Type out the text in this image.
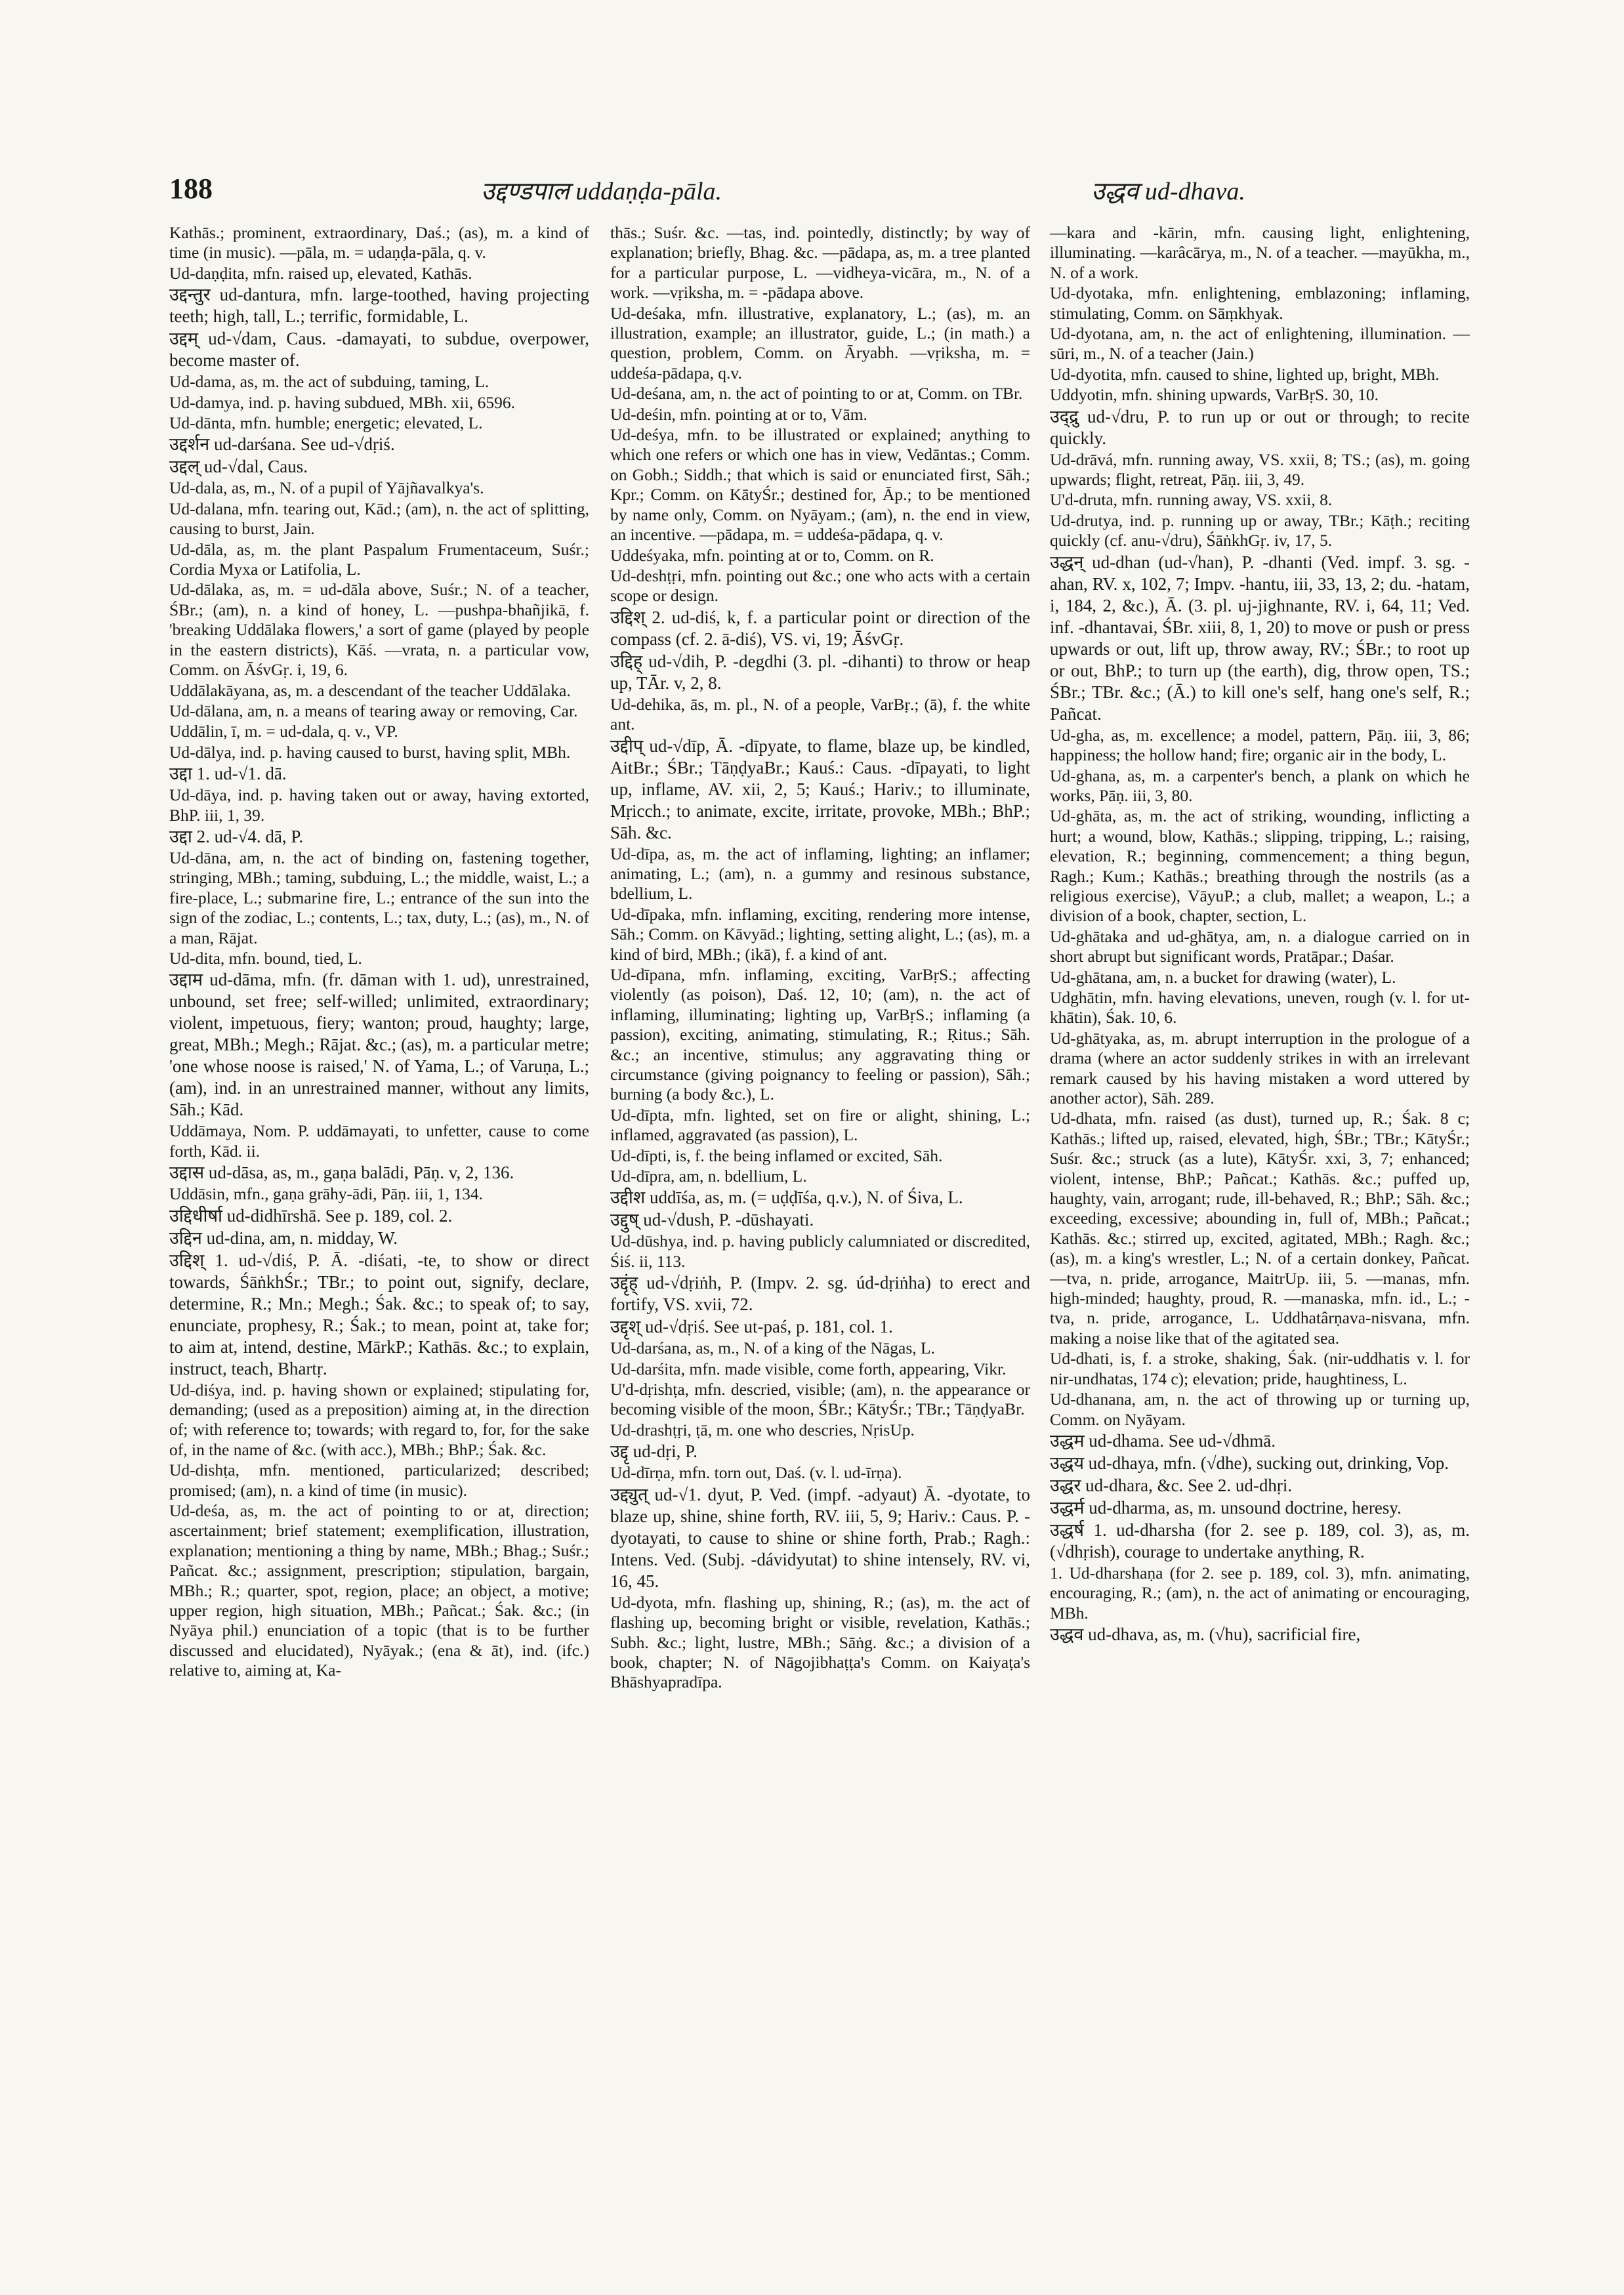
188	उद्दण्डपाल uddaṇḍa-pāla.	उद्धव ud-dhava.

Kathās.; prominent, extraordinary, Daś.; (as), m. a kind of time (in music). —pāla, m. = udaṇḍa-pāla, q. v.

Ud-daṇḍita, mfn. raised up, elevated, Kathās.

उद्दन्तुर ud-dantura, mfn. large-toothed, having projecting teeth; high, tall, L.; terrific, formidable, L.

उद्दम् ud-√dam, Caus. -damayati, to subdue, overpower, become master of.

Ud-dama, as, m. the act of subduing, taming, L.

Ud-damya, ind. p. having subdued, MBh. xii, 6596.

Ud-dānta, mfn. humble; energetic; elevated, L.

उद्दर्शन ud-darśana. See ud-√dṛiś.

उद्दल् ud-√dal, Caus.

Ud-dala, as, m., N. of a pupil of Yājñavalkya's.

Ud-dalana, mfn. tearing out, Kād.; (am), n. the act of splitting, causing to burst, Jain.

Ud-dāla, as, m. the plant Paspalum Frumentaceum, Suśr.; Cordia Myxa or Latifolia, L.

Ud-dālaka, as, m. = ud-dāla above, Suśr.; N. of a teacher, ŚBr.; (am), n. a kind of honey, L. —pushpa-bhañjikā, f. 'breaking Uddālaka flowers,' a sort of game (played by people in the eastern districts), Kāś. —vrata, n. a particular vow, Comm. on ĀśvGṛ. i, 19, 6.

Uddālakāyana, as, m. a descendant of the teacher Uddālaka.

Ud-dālana, am, n. a means of tearing away or removing, Car.

Uddālin, ī, m. = ud-dala, q. v., VP.

Ud-dālya, ind. p. having caused to burst, having split, MBh.

उद्दा 1. ud-√1. dā.

Ud-dāya, ind. p. having taken out or away, having extorted, BhP. iii, 1, 39.

उद्दा 2. ud-√4. dā, P.

Ud-dāna, am, n. the act of binding on, fastening together, stringing, MBh.; taming, subduing, L.; the middle, waist, L.; a fire-place, L.; submarine fire, L.; entrance of the sun into the sign of the zodiac, L.; contents, L.; tax, duty, L.; (as), m., N. of a man, Rājat.

Ud-dita, mfn. bound, tied, L.

उद्दाम ud-dāma, mfn. (fr. dāman with 1. ud), unrestrained, unbound, set free; self-willed; unlimited, extraordinary; violent, impetuous, fiery; wanton; proud, haughty; large, great, MBh.; Megh.; Rājat. &c.; (as), m. a particular metre; 'one whose noose is raised,' N. of Yama, L.; of Varuṇa, L.; (am), ind. in an unrestrained manner, without any limits, Sāh.; Kād.

Uddāmaya, Nom. P. uddāmayati, to unfetter, cause to come forth, Kād. ii.

उद्दास ud-dāsa, as, m., gaṇa balādi, Pāṇ. v, 2, 136.

Uddāsin, mfn., gaṇa grāhy-ādi, Pāṇ. iii, 1, 134.

उद्दिधीर्षा ud-didhīrshā. See p. 189, col. 2.

उद्दिन ud-dina, am, n. midday, W.

उद्दिश् 1. ud-√diś, P. Ā. -diśati, -te, to show or direct towards, ŚāṅkhŚr.; TBr.; to point out, signify, declare, determine, R.; Mn.; Megh.; Śak. &c.; to speak of; to say, enunciate, prophesy, R.; Śak.; to mean, point at, take for; to aim at, intend, destine, MārkP.; Kathās. &c.; to explain, instruct, teach, Bhartṛ.

Ud-diśya, ind. p. having shown or explained; stipulating for, demanding; (used as a preposition) aiming at, in the direction of; with reference to; towards; with regard to, for, for the sake of, in the name of &c. (with acc.), MBh.; BhP.; Śak. &c.

Ud-dishṭa, mfn. mentioned, particularized; described; promised; (am), n. a kind of time (in music).

Ud-deśa, as, m. the act of pointing to or at, direction; ascertainment; brief statement; exemplification, illustration, explanation; mentioning a thing by name, MBh.; Bhag.; Suśr.; Pañcat. &c.; assignment, prescription; stipulation, bargain, MBh.; R.; quarter, spot, region, place; an object, a motive; upper region, high situation, MBh.; Pañcat.; Śak. &c.; (in Nyāya phil.) enunciation of a topic (that is to be further discussed and elucidated), Nyāyak.; (ena & āt), ind. (ifc.) relative to, aiming at, Ka-

thās.; Suśr. &c. —tas, ind. pointedly, distinctly; by way of explanation; briefly, Bhag. &c. —pādapa, as, m. a tree planted for a particular purpose, L. —vidheya-vicāra, m., N. of a work. —vṛiksha, m. = -pādapa above.

Ud-deśaka, mfn. illustrative, explanatory, L.; (as), m. an illustration, example; an illustrator, guide, L.; (in math.) a question, problem, Comm. on Āryabh. —vṛiksha, m. = uddeśa-pādapa, q.v.

Ud-deśana, am, n. the act of pointing to or at, Comm. on TBr.

Ud-deśin, mfn. pointing at or to, Vām.

Ud-deśya, mfn. to be illustrated or explained; anything to which one refers or which one has in view, Vedāntas.; Comm. on Gobh.; Siddh.; that which is said or enunciated first, Sāh.; Kpr.; Comm. on KātyŚr.; destined for, Āp.; to be mentioned by name only, Comm. on Nyāyam.; (am), n. the end in view, an incentive. —pādapa, m. = uddeśa-pādapa, q. v.

Uddeśyaka, mfn. pointing at or to, Comm. on R.

Ud-deshṭṛi, mfn. pointing out &c.; one who acts with a certain scope or design.

उद्दिश् 2. ud-diś, k, f. a particular point or direction of the compass (cf. 2. ā-diś), VS. vi, 19; ĀśvGṛ.

उद्दिह् ud-√dih, P. -degdhi (3. pl. -dihanti) to throw or heap up, TĀr. v, 2, 8.

Ud-dehika, ās, m. pl., N. of a people, VarBṛ.; (ā), f. the white ant.

उद्दीप् ud-√dīp, Ā. -dīpyate, to flame, blaze up, be kindled, AitBr.; ŚBr.; TāṇḍyaBr.; Kauś.: Caus. -dīpayati, to light up, inflame, AV. xii, 2, 5; Kauś.; Hariv.; to illuminate, Mṛicch.; to animate, excite, irritate, provoke, MBh.; BhP.; Sāh. &c.

Ud-dīpa, as, m. the act of inflaming, lighting; an inflamer; animating, L.; (am), n. a gummy and resinous substance, bdellium, L.

Ud-dīpaka, mfn. inflaming, exciting, rendering more intense, Sāh.; Comm. on Kāvyād.; lighting, setting alight, L.; (as), m. a kind of bird, MBh.; (ikā), f. a kind of ant.

Ud-dīpana, mfn. inflaming, exciting, VarBṛS.; affecting violently (as poison), Daś. 12, 10; (am), n. the act of inflaming, illuminating; lighting up, VarBṛS.; inflaming (a passion), exciting, animating, stimulating, R.; Ṛitus.; Sāh. &c.; an incentive, stimulus; any aggravating thing or circumstance (giving poignancy to feeling or passion), Sāh.; burning (a body &c.), L.

Ud-dīpta, mfn. lighted, set on fire or alight, shining, L.; inflamed, aggravated (as passion), L.

Ud-dīpti, is, f. the being inflamed or excited, Sāh.

Ud-dīpra, am, n. bdellium, L.

उद्दीश uddīśa, as, m. (= uḍḍīśa, q.v.), N. of Śiva, L.

उद्दुष् ud-√dush, P. -dūshayati.

Ud-dūshya, ind. p. having publicly calumniated or discredited, Śiś. ii, 113.

उद्दृंह् ud-√dṛiṅh, P. (Impv. 2. sg. úd-dṛiṅha) to erect and fortify, VS. xvii, 72.

उद्दृश् ud-√dṛiś. See ut-paś, p. 181, col. 1.

Ud-darśana, as, m., N. of a king of the Nāgas, L.

Ud-darśita, mfn. made visible, come forth, appearing, Vikr.

U'd-dṛishṭa, mfn. descried, visible; (am), n. the appearance or becoming visible of the moon, ŚBr.; KātyŚr.; TBr.; TāṇḍyaBr.

Ud-drashṭṛi, ṭā, m. one who descries, NṛisUp.

उद्दृ ud-dṛi, P.

Ud-dīrṇa, mfn. torn out, Daś. (v. l. ud-īrṇa).

उद्द्युत् ud-√1. dyut, P. Ved. (impf. -adyaut) Ā. -dyotate, to blaze up, shine, shine forth, RV. iii, 5, 9; Hariv.: Caus. P. -dyotayati, to cause to shine or shine forth, Prab.; Ragh.: Intens. Ved. (Subj. -dávidyutat) to shine intensely, RV. vi, 16, 45.

Ud-dyota, mfn. flashing up, shining, R.; (as), m. the act of flashing up, becoming bright or visible, revelation, Kathās.; Subh. &c.; light, lustre, MBh.; Sāṅg. &c.; a division of a book, chapter; N. of Nāgojibhaṭṭa's Comm. on Kaiyaṭa's Bhāshyapradīpa.

—kara and -kārin, mfn. causing light, enlightening, illuminating. —karâcārya, m., N. of a teacher. —mayūkha, m., N. of a work.

Ud-dyotaka, mfn. enlightening, emblazoning; inflaming, stimulating, Comm. on Sāṃkhyak.

Ud-dyotana, am, n. the act of enlightening, illumination. —sūri, m., N. of a teacher (Jain.)

Ud-dyotita, mfn. caused to shine, lighted up, bright, MBh.

Uddyotin, mfn. shining upwards, VarBṛS. 30, 10.

उद्द्रु ud-√dru, P. to run up or out or through; to recite quickly.

Ud-drāvá, mfn. running away, VS. xxii, 8; TS.; (as), m. going upwards; flight, retreat, Pāṇ. iii, 3, 49.

U'd-druta, mfn. running away, VS. xxii, 8.

Ud-drutya, ind. p. running up or away, TBr.; Kāṭh.; reciting quickly (cf. anu-√dru), ŚāṅkhGṛ. iv, 17, 5.

उद्धन् ud-dhan (ud-√han), P. -dhanti (Ved. impf. 3. sg. -ahan, RV. x, 102, 7; Impv. -hantu, iii, 33, 13, 2; du. -hatam, i, 184, 2, &c.), Ā. (3. pl. uj-jighnante, RV. i, 64, 11; Ved. inf. -dhantavai, ŚBr. xiii, 8, 1, 20) to move or push or press upwards or out, lift up, throw away, RV.; ŚBr.; to root up or out, BhP.; to turn up (the earth), dig, throw open, TS.; ŚBr.; TBr. &c.; (Ā.) to kill one's self, hang one's self, R.; Pañcat.

Ud-gha, as, m. excellence; a model, pattern, Pāṇ. iii, 3, 86; happiness; the hollow hand; fire; organic air in the body, L.

Ud-ghana, as, m. a carpenter's bench, a plank on which he works, Pāṇ. iii, 3, 80.

Ud-ghāta, as, m. the act of striking, wounding, inflicting a hurt; a wound, blow, Kathās.; slipping, tripping, L.; raising, elevation, R.; beginning, commencement; a thing begun, Ragh.; Kum.; Kathās.; breathing through the nostrils (as a religious exercise), VāyuP.; a club, mallet; a weapon, L.; a division of a book, chapter, section, L.

Ud-ghātaka and ud-ghātya, am, n. a dialogue carried on in short abrupt but significant words, Pratāpar.; Daśar.

Ud-ghātana, am, n. a bucket for drawing (water), L.

Udghātin, mfn. having elevations, uneven, rough (v. l. for ut-khātin), Śak. 10, 6.

Ud-ghātyaka, as, m. abrupt interruption in the prologue of a drama (where an actor suddenly strikes in with an irrelevant remark caused by his having mistaken a word uttered by another actor), Sāh. 289.

Ud-dhata, mfn. raised (as dust), turned up, R.; Śak. 8 c; Kathās.; lifted up, raised, elevated, high, ŚBr.; TBr.; KātyŚr.; Suśr. &c.; struck (as a lute), KātyŚr. xxi, 3, 7; enhanced; violent, intense, BhP.; Pañcat.; Kathās. &c.; puffed up, haughty, vain, arrogant; rude, ill-behaved, R.; BhP.; Sāh. &c.; exceeding, excessive; abounding in, full of, MBh.; Pañcat.; Kathās. &c.; stirred up, excited, agitated, MBh.; Ragh. &c.; (as), m. a king's wrestler, L.; N. of a certain donkey, Pañcat. —tva, n. pride, arrogance, MaitrUp. iii, 5. —manas, mfn. high-minded; haughty, proud, R. —manaska, mfn. id., L.; -tva, n. pride, arrogance, L. Uddhatârṇava-nisvana, mfn. making a noise like that of the agitated sea.

Ud-dhati, is, f. a stroke, shaking, Śak. (nir-uddhatis v. l. for nir-undhatas, 174 c); elevation; pride, haughtiness, L.

Ud-dhanana, am, n. the act of throwing up or turning up, Comm. on Nyāyam.

उद्धम ud-dhama. See ud-√dhmā.

उद्धय ud-dhaya, mfn. (√dhe), sucking out, drinking, Vop.

उद्धर ud-dhara, &c. See 2. ud-dhṛi.

उद्धर्म ud-dharma, as, m. unsound doctrine, heresy.

उद्धर्ष 1. ud-dharsha (for 2. see p. 189, col. 3), as, m. (√dhṛish), courage to undertake anything, R.

1. Ud-dharshaṇa (for 2. see p. 189, col. 3), mfn. animating, encouraging, R.; (am), n. the act of animating or encouraging, MBh.

उद्धव ud-dhava, as, m. (√hu), sacrificial fire,
